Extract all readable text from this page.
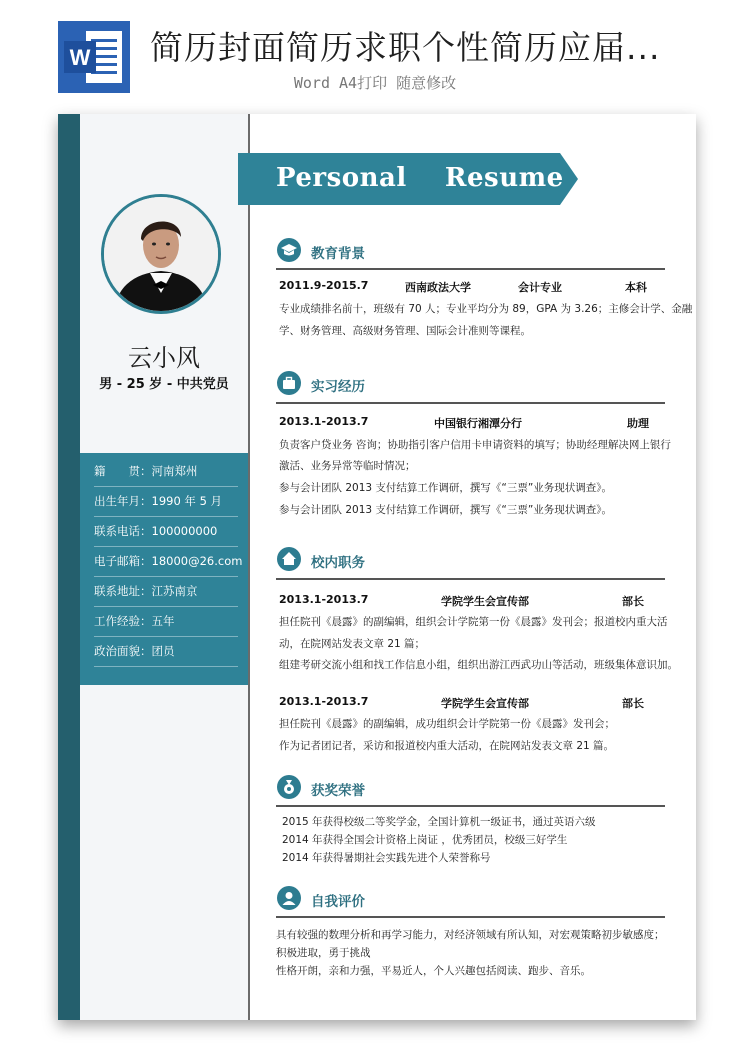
W 简历封面简历求职个性简历应届...
Word A4打印 随意修改
Personal    Resume
云小风
男 - 25 岁 - 中共党员
籍　　贯：河南郑州
出生年月：1990 年 5 月
联系电话：100000000
电子邮箱：18000@26.com
联系地址：江苏南京
工作经验：五年
政治面貌：团员
教育背景
2011.9-2015.7	西南政法大学	会计专业	本科
专业成绩排名前十，班级有 70 人；专业平均分为 89，GPA 为 3.26；主修会计学、金融
学、财务管理、高级财务管理、国际会计准则等课程。
实习经历
2013.1-2013.7	中国银行湘潭分行	助理
负责客户贷业务 咨询；协助指引客户信用卡申请资料的填写；协助经理解决网上银行
激活、业务异常等临时情况；
参与会计团队 2013 支付结算工作调研，撰写《“三票”业务现状调查》。
参与会计团队 2013 支付结算工作调研，撰写《“三票”业务现状调查》。
校内职务
2013.1-2013.7	学院学生会宣传部	部长
担任院刊《晨露》的副编辑，组织会计学院第一份《晨露》发刊会；报道校内重大活
动，在院网站发表文章 21 篇；
组建考研交流小组和找工作信息小组，组织出游江西武功山等活动，班级集体意识加。
2013.1-2013.7	学院学生会宣传部	部长
担任院刊《晨露》的副编辑，成功组织会计学院第一份《晨露》发刊会；
作为记者团记者，采访和报道校内重大活动，在院网站发表文章 21 篇。
获奖荣誉
2015 年获得校级二等奖学金，全国计算机一级证书，通过英语六级
2014 年获得全国会计资格上岗证 ，优秀团员，校级三好学生
2014 年获得暑期社会实践先进个人荣誉称号
自我评价
具有较强的数理分析和再学习能力，对经济领域有所认知，对宏观策略初步敏感度；
积极进取，勇于挑战
性格开朗，亲和力强，平易近人，个人兴趣包括阅读、跑步、音乐。
